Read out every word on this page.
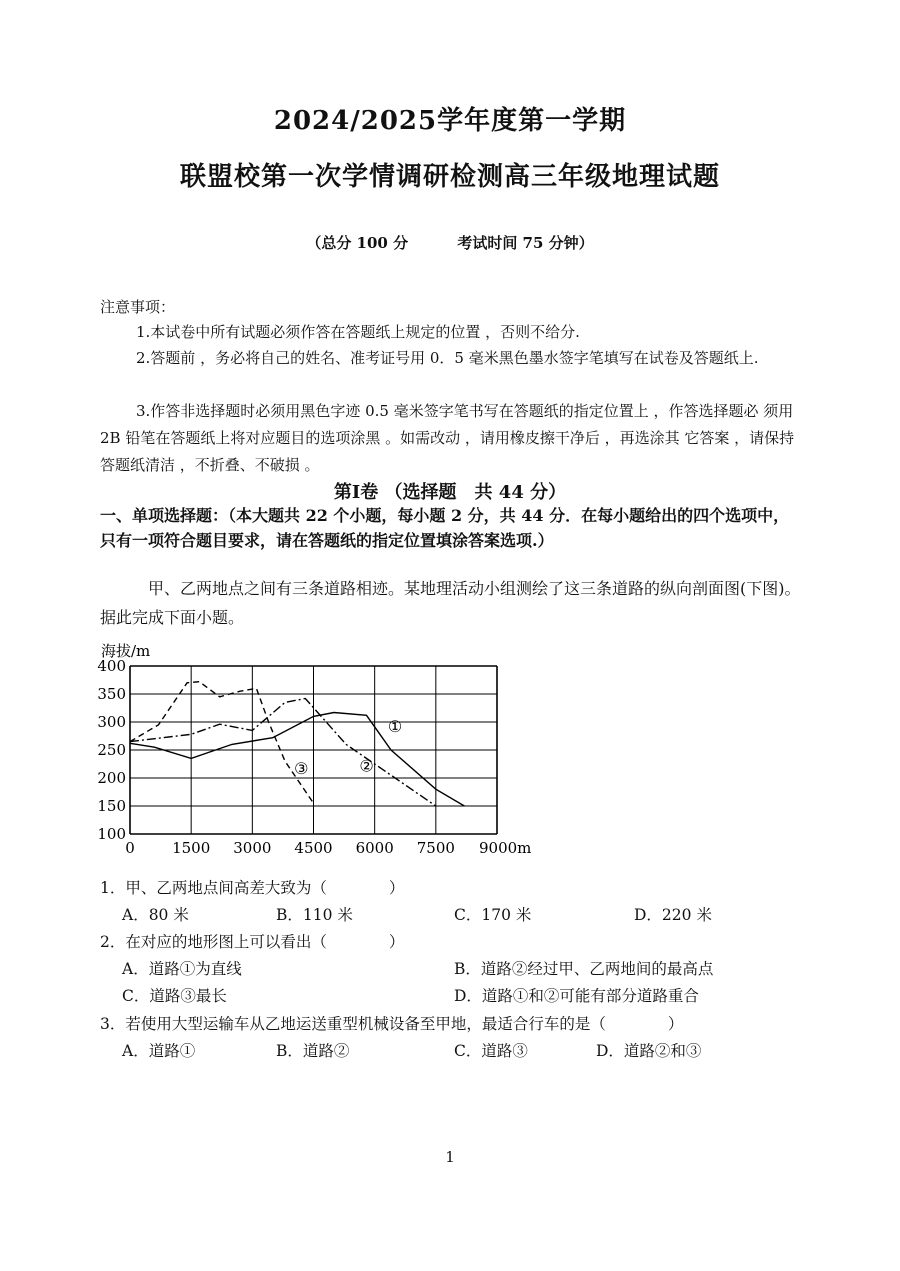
2024/2025学年度第一学期
联盟校第一次学情调研检测高三年级地理试题
（总分 100 分	考试时间 75 分钟）
注意事项：
1.本试卷中所有试题必须作答在答题纸上规定的位置 ，否则不给分.
2.答题前 ，务必将自己的姓名、准考证号用 0．5 毫米黑色墨水签字笔填写在试卷及答题纸上.
3.作答非选择题时必须用黑色字迹 0.5 毫米签字笔书写在答题纸的指定位置上 ，作答选择题必 须用 2B 铅笔在答题纸上将对应题目的选项涂黑 。如需改动 ，请用橡皮擦干净后 ，再选涂其 它答案 ，请保持答题纸清洁 ，不折叠、不破损 。
第Ⅰ卷 （选择题　共 44 分）
一、单项选择题：（本大题共 22 个小题，每小题 2 分，共 44 分．在每小题给出的四个选项中，只有一项符合题目要求，请在答题纸的指定位置填涂答案选项.）
甲、乙两地点之间有三条道路相迹。某地理活动小组测绘了这三条道路的纵向剖面图(下图)。据此完成下面小题。
海拔/m
400
350
300
250
200
150
100
0 1500 3000 4500 6000 7500 9000m
①
②
③
1．甲、乙两地点间高差大致为（　　　　）
A．80 米	B．110 米	C．170 米	D．220 米
2．在对应的地形图上可以看出（　　　　）
A．道路①为直线	B．道路②经过甲、乙两地间的最高点
C．道路③最长	D．道路①和②可能有部分道路重合
3．若使用大型运输车从乙地运送重型机械设备至甲地，最适合行车的是（　　　　）
A．道路①	B．道路②	C．道路③	D．道路②和③
1
